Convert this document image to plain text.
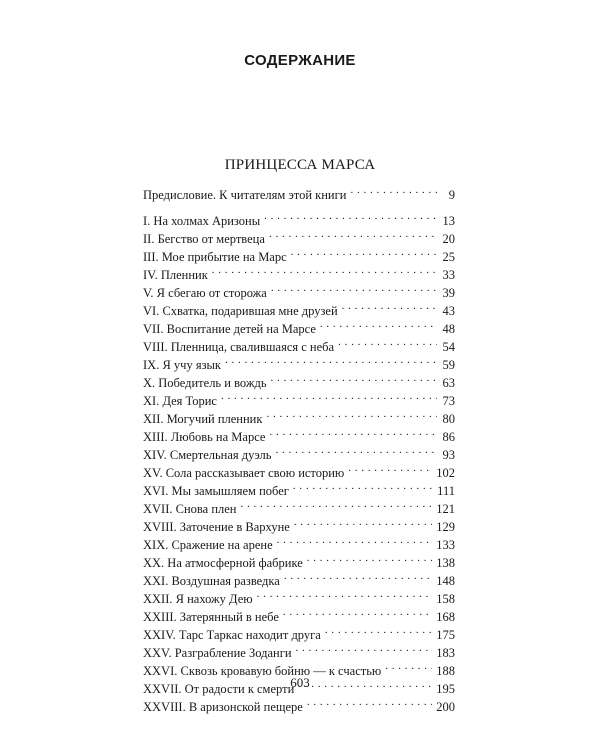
СОДЕРЖАНИЕ
ПРИНЦЕССА МАРСА
Предисловие. К читателям этой книги . . .	9
I. На холмах Аризоны . . .	13
II. Бегство от мертвеца . . .	20
III. Мое прибытие на Марс . . .	25
IV. Пленник . . .	33
V. Я сбегаю от сторожа . . .	39
VI. Схватка, подарившая мне друзей . . .	43
VII. Воспитание детей на Марсе . . .	48
VIII. Пленница, свалившаяся с неба . . .	54
IX. Я учу язык . . .	59
X. Победитель и вождь . . .	63
XI. Дея Торис . . .	73
XII. Могучий пленник . . .	80
XIII. Любовь на Марсе . . .	86
XIV. Смертельная дуэль . . .	93
XV. Сола рассказывает свою историю . . .	102
XVI. Мы замышляем побег . . .	111
XVII. Снова плен . . .	121
XVIII. Заточение в Вархуне . . .	129
XIX. Сражение на арене . . .	133
XX. На атмосферной фабрике . . .	138
XXI. Воздушная разведка . . .	148
XXII. Я нахожу Дею . . .	158
XXIII. Затерянный в небе . . .	168
XXIV. Тарс Таркас находит друга . . .	175
XXV. Разграбление Зоданги . . .	183
XXVI. Сквозь кровавую бойню — к счастью . . .	188
XXVII. От радости к смерти . . .	195
XXVIII. В аризонской пещере . . .	200
603
